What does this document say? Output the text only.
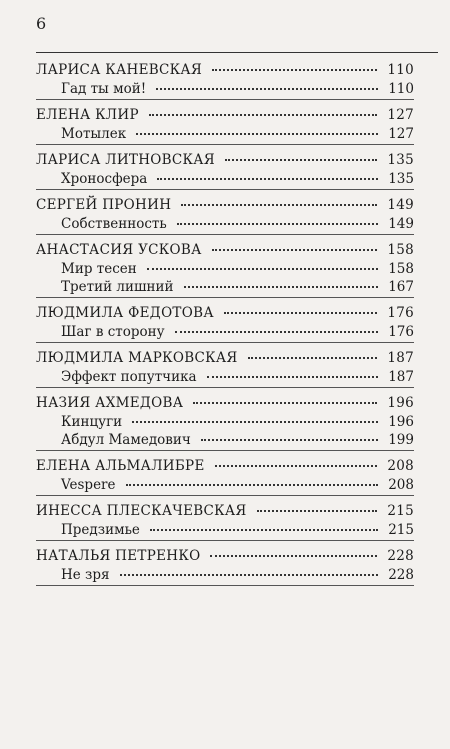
6
ЛАРИСА КАНЕВСКАЯ	110
Гад ты мой!	110
ЕЛЕНА КЛИР	127
Мотылек	127
ЛАРИСА ЛИТНОВСКАЯ	135
Хроносфера	135
СЕРГЕЙ ПРОНИН	149
Собственность	149
АНАСТАСИЯ УСКОВА	158
Мир тесен	158
Третий лишний	167
ЛЮДМИЛА ФЕДОТОВА	176
Шаг в сторону	176
ЛЮДМИЛА МАРКОВСКАЯ	187
Эффект попутчика	187
НАЗИЯ АХМЕДОВА	196
Кинцуги	196
Абдул Мамедович	199
ЕЛЕНА АЛЬМАЛИБРЕ	208
Vespere	208
ИНЕССА ПЛЕСКАЧЕВСКАЯ	215
Предзимье	215
НАТАЛЬЯ ПЕТРЕНКО	228
Не зря	228
